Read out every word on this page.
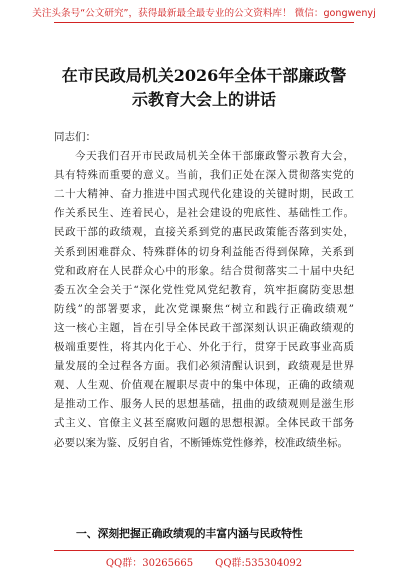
关注头条号“公文研究”，获得最新最全最专业的公文资料库！ 微信：gongwenyj
在市民政局机关2026年全体干部廉政警
示教育大会上的讲话
同志们：
今天我们召开市民政局机关全体干部廉政警示教育大会，
具有特殊而重要的意义。当前，我们正处在深入贯彻落实党的
二十大精神、奋力推进中国式现代化建设的关键时期，民政工
作关系民生、连着民心，是社会建设的兜底性、基础性工作。
民政干部的政绩观，直接关系到党的惠民政策能否落到实处，
关系到困难群众、特殊群体的切身利益能否得到保障，关系到
党和政府在人民群众心中的形象。结合贯彻落实二十届中央纪
委五次全会关于“深化党性党风党纪教育，筑牢拒腐防变思想
防线”的部署要求，此次党课聚焦“树立和践行正确政绩观”
这一核心主题，旨在引导全体民政干部深刻认识正确政绩观的
极端重要性，将其内化于心、外化于行，贯穿于民政事业高质
量发展的全过程各方面。我们必须清醒认识到，政绩观是世界
观、人生观、价值观在履职尽责中的集中体现，正确的政绩观
是推动工作、服务人民的思想基础，扭曲的政绩观则是滋生形
式主义、官僚主义甚至腐败问题的思想根源。全体民政干部务
必要以案为鉴、反躬自省，不断锤炼党性修养，校准政绩坐标。
一、深刻把握正确政绩观的丰富内涵与民政特性
QQ群：30265665 QQ群:535304092
